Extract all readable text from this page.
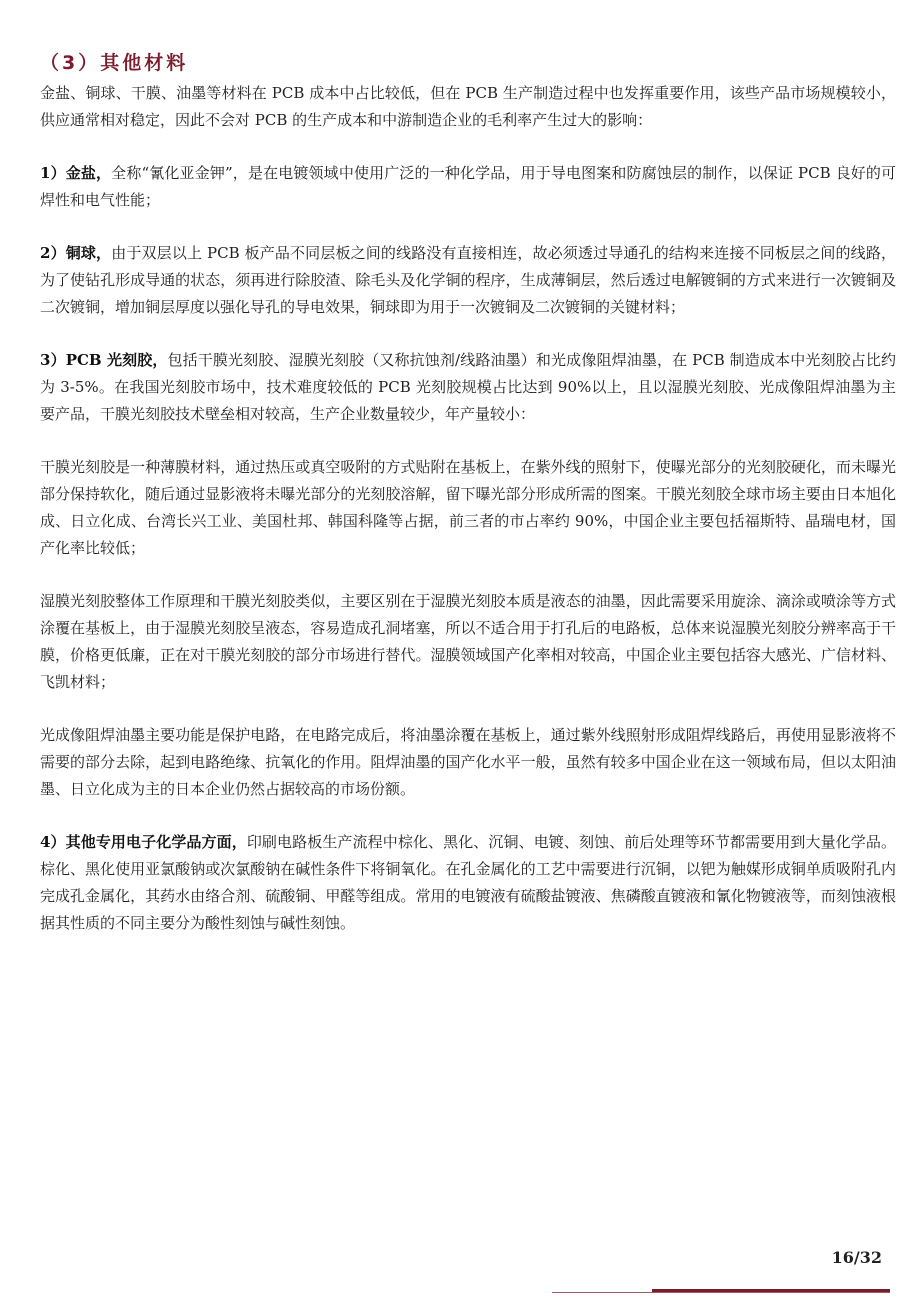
（3）其他材料

金盐、铜球、干膜、油墨等材料在 PCB 成本中占比较低，但在 PCB 生产制造过程中也发挥重要作用，该些产品市场规模较小，供应通常相对稳定，因此不会对 PCB 的生产成本和中游制造企业的毛利率产生过大的影响：

1）金盐，全称“氰化亚金钾”，是在电镀领域中使用广泛的一种化学品，用于导电图案和防腐蚀层的制作，以保证 PCB 良好的可焊性和电气性能；

2）铜球，由于双层以上 PCB 板产品不同层板之间的线路没有直接相连，故必须透过导通孔的结构来连接不同板层之间的线路，为了使钻孔形成导通的状态，须再进行除胶渣、除毛头及化学铜的程序，生成薄铜层，然后透过电解镀铜的方式来进行一次镀铜及二次镀铜，增加铜层厚度以强化导孔的导电效果，铜球即为用于一次镀铜及二次镀铜的关键材料；

3）PCB 光刻胶，包括干膜光刻胶、湿膜光刻胶（又称抗蚀剂/线路油墨）和光成像阻焊油墨，在 PCB 制造成本中光刻胶占比约为 3-5%。在我国光刻胶市场中，技术难度较低的 PCB 光刻胶规模占比达到 90%以上，且以湿膜光刻胶、光成像阻焊油墨为主要产品，干膜光刻胶技术壁垒相对较高，生产企业数量较少，年产量较小：

干膜光刻胶是一种薄膜材料，通过热压或真空吸附的方式贴附在基板上，在紫外线的照射下，使曝光部分的光刻胶硬化，而未曝光部分保持软化，随后通过显影液将未曝光部分的光刻胶溶解，留下曝光部分形成所需的图案。干膜光刻胶全球市场主要由日本旭化成、日立化成、台湾长兴工业、美国杜邦、韩国科隆等占据，前三者的市占率约 90%，中国企业主要包括福斯特、晶瑞电材，国产化率比较低；

湿膜光刻胶整体工作原理和干膜光刻胶类似，主要区别在于湿膜光刻胶本质是液态的油墨，因此需要采用旋涂、滴涂或喷涂等方式涂覆在基板上，由于湿膜光刻胶呈液态，容易造成孔洞堵塞，所以不适合用于打孔后的电路板，总体来说湿膜光刻胶分辨率高于干膜，价格更低廉，正在对干膜光刻胶的部分市场进行替代。湿膜领域国产化率相对较高，中国企业主要包括容大感光、广信材料、飞凯材料；

光成像阻焊油墨主要功能是保护电路，在电路完成后，将油墨涂覆在基板上，通过紫外线照射形成阻焊线路后，再使用显影液将不需要的部分去除，起到电路绝缘、抗氧化的作用。阻焊油墨的国产化水平一般，虽然有较多中国企业在这一领域布局，但以太阳油墨、日立化成为主的日本企业仍然占据较高的市场份额。

4）其他专用电子化学品方面，印刷电路板生产流程中棕化、黑化、沉铜、电镀、刻蚀、前后处理等环节都需要用到大量化学品。棕化、黑化使用亚氯酸钠或次氯酸钠在碱性条件下将铜氧化。在孔金属化的工艺中需要进行沉铜，以钯为触媒形成铜单质吸附孔内完成孔金属化，其药水由络合剂、硫酸铜、甲醛等组成。常用的电镀液有硫酸盐镀液、焦磷酸直镀液和氰化物镀液等，而刻蚀液根据其性质的不同主要分为酸性刻蚀与碱性刻蚀。

16/32
